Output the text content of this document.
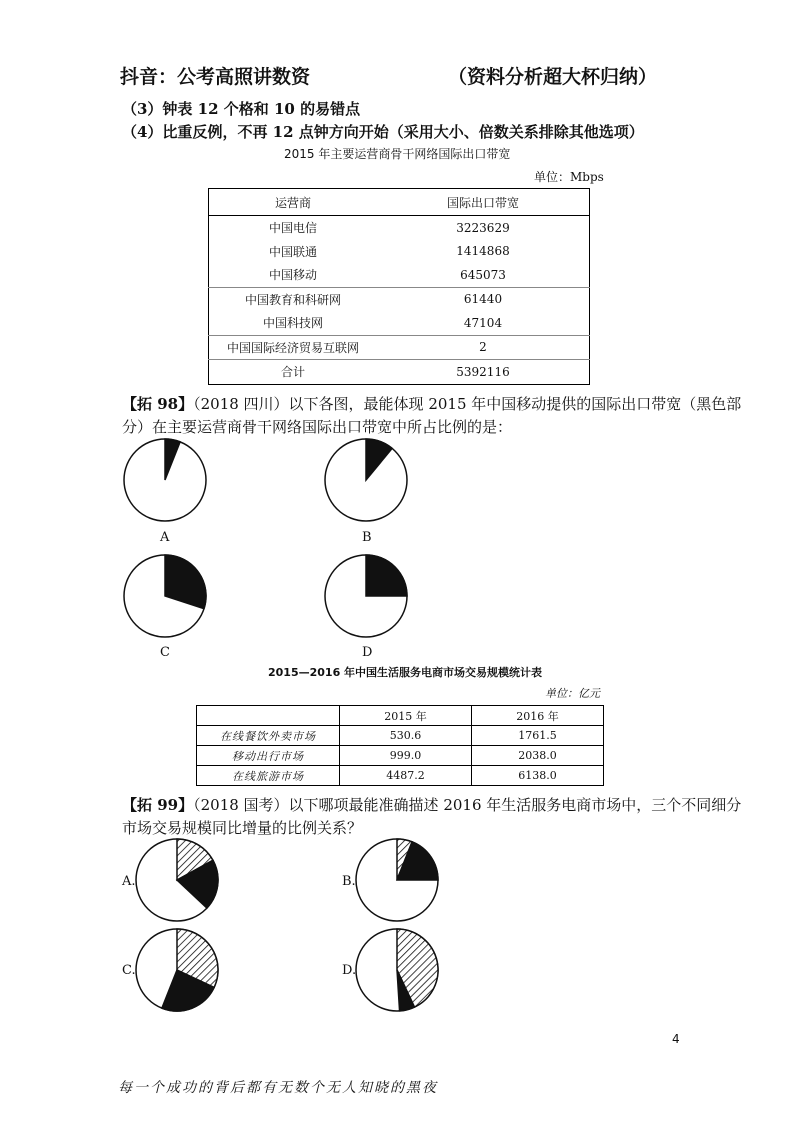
抖音：公考高照讲数资	（资料分析超大杯归纳）
（3）钟表 12 个格和 10 的易错点
（4）比重反例，不再 12 点钟方向开始（采用大小、倍数关系排除其他选项）
2015 年主要运营商骨干网络国际出口带宽
单位：Mbps
运营商	国际出口带宽
中国电信	3223629
中国联通	1414868
中国移动	645073
中国教育和科研网	61440
中国科技网	47104
中国国际经济贸易互联网	2
合计	5392116
【拓 98】（2018 四川）以下各图，最能体现 2015 年中国移动提供的国际出口带宽（黑色部
分）在主要运营商骨干网络国际出口带宽中所占比例的是：
A	B
C	D
2015—2016 年中国生活服务电商市场交易规模统计表
单位：亿元
	2015 年	2016 年
在线餐饮外卖市场	530.6	1761.5
移动出行市场	999.0	2038.0
在线旅游市场	4487.2	6138.0
【拓 99】（2018 国考）以下哪项最能准确描述 2016 年生活服务电商市场中，三个不同细分
市场交易规模同比增量的比例关系？
A.	B.
C.	D.
4
每一个成功的背后都有无数个无人知晓的黑夜
